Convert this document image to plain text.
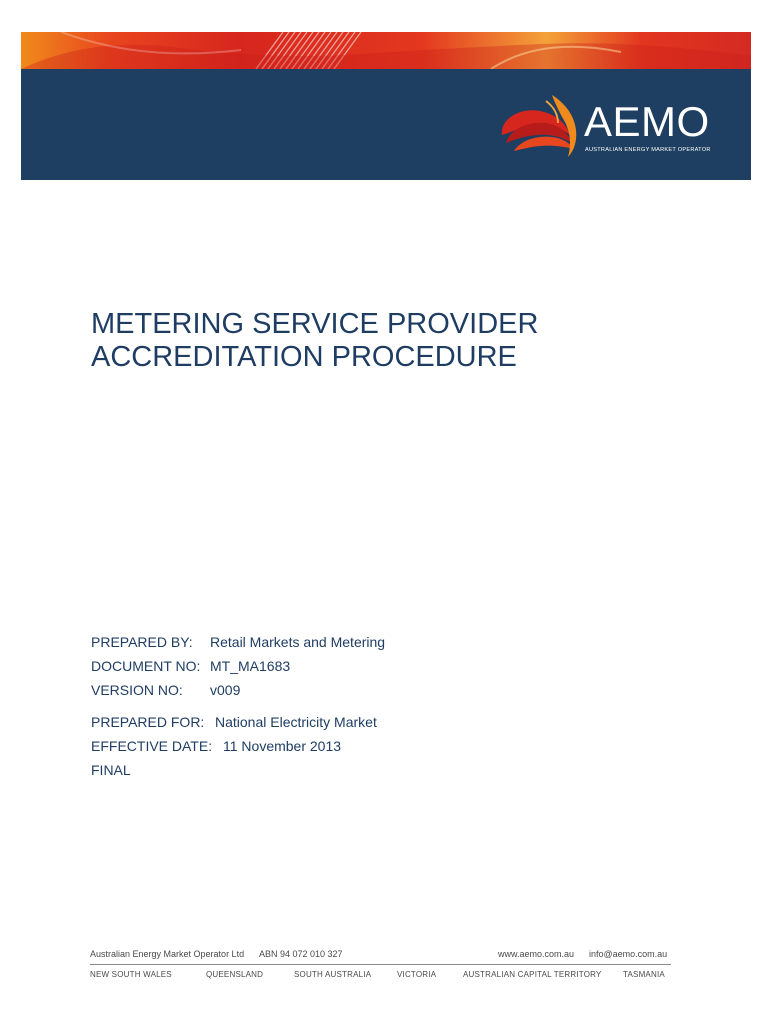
AEMO
AUSTRALIAN ENERGY MARKET OPERATOR
METERING SERVICE PROVIDER
ACCREDITATION PROCEDURE
PREPARED BY: Retail Markets and Metering
DOCUMENT NO: MT_MA1683
VERSION NO: v009
PREPARED FOR: National Electricity Market
EFFECTIVE DATE: 11 November 2013
FINAL
Australian Energy Market Operator Ltd ABN 94 072 010 327	www.aemo.com.au info@aemo.com.au
NEW SOUTH WALES	QUEENSLAND	SOUTH AUSTRALIA	VICTORIA	AUSTRALIAN CAPITAL TERRITORY	TASMANIA
